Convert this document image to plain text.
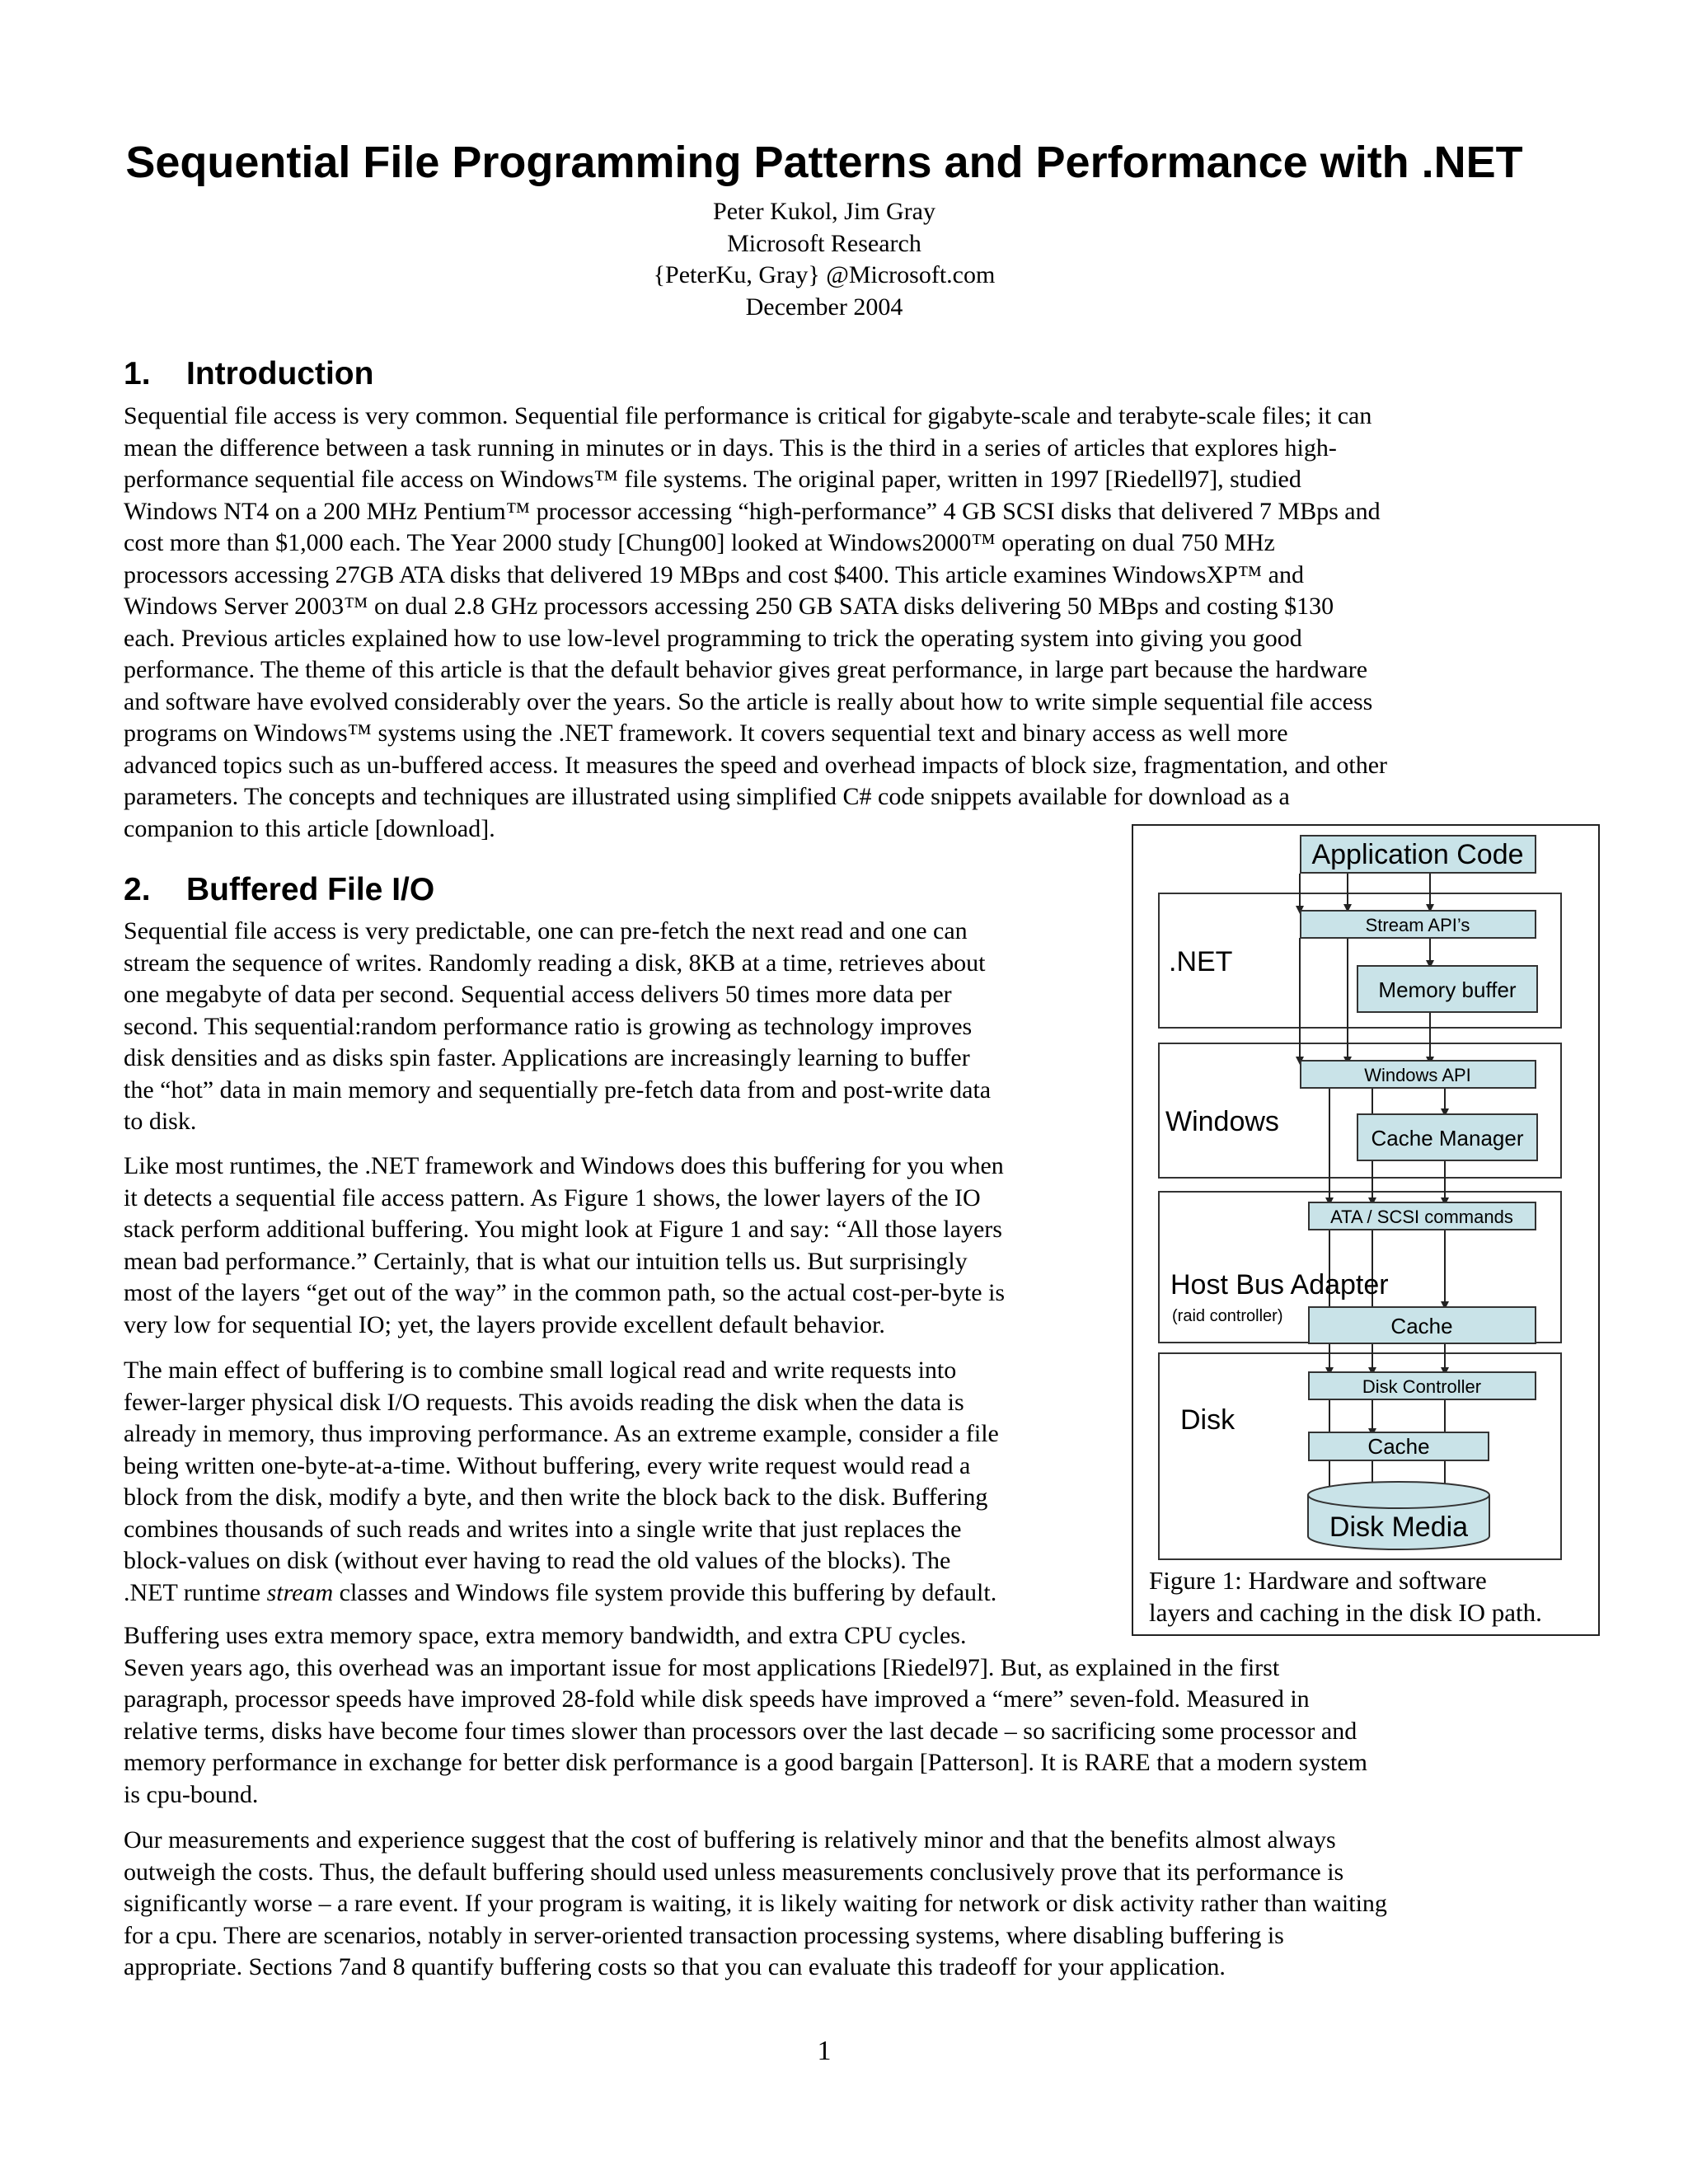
Sequential File Programming Patterns and Performance with .NET
Peter Kukol, Jim Gray
Microsoft Research
{PeterKu, Gray} @Microsoft.com
December 2004
1. Introduction
Sequential file access is very common. Sequential file performance is critical for gigabyte-scale and terabyte-scale files; it can
mean the difference between a task running in minutes or in days. This is the third in a series of articles that explores high-
performance sequential file access on Windows™ file systems. The original paper, written in 1997 [Riedell97], studied
Windows NT4 on a 200 MHz Pentium™ processor accessing “high-performance” 4 GB SCSI disks that delivered 7 MBps and
cost more than $1,000 each. The Year 2000 study [Chung00] looked at Windows2000™ operating on dual 750 MHz
processors accessing 27GB ATA disks that delivered 19 MBps and cost $400. This article examines WindowsXP™ and
Windows Server 2003™ on dual 2.8 GHz processors accessing 250 GB SATA disks delivering 50 MBps and costing $130
each. Previous articles explained how to use low-level programming to trick the operating system into giving you good
performance. The theme of this article is that the default behavior gives great performance, in large part because the hardware
and software have evolved considerably over the years. So the article is really about how to write simple sequential file access
programs on Windows™ systems using the .NET framework. It covers sequential text and binary access as well more
advanced topics such as un-buffered access. It measures the speed and overhead impacts of block size, fragmentation, and other
parameters. The concepts and techniques are illustrated using simplified C# code snippets available for download as a
companion to this article [download].
2. Buffered File I/O
Sequential file access is very predictable, one can pre-fetch the next read and one can
stream the sequence of writes. Randomly reading a disk, 8KB at a time, retrieves about
one megabyte of data per second. Sequential access delivers 50 times more data per
second. This sequential:random performance ratio is growing as technology improves
disk densities and as disks spin faster. Applications are increasingly learning to buffer
the “hot” data in main memory and sequentially pre-fetch data from and post-write data
to disk.
Like most runtimes, the .NET framework and Windows does this buffering for you when
it detects a sequential file access pattern. As Figure 1 shows, the lower layers of the IO
stack perform additional buffering. You might look at Figure 1 and say: “All those layers
mean bad performance.” Certainly, that is what our intuition tells us. But surprisingly
most of the layers “get out of the way” in the common path, so the actual cost-per-byte is
very low for sequential IO; yet, the layers provide excellent default behavior.
The main effect of buffering is to combine small logical read and write requests into
fewer-larger physical disk I/O requests. This avoids reading the disk when the data is
already in memory, thus improving performance. As an extreme example, consider a file
being written one-byte-at-a-time. Without buffering, every write request would read a
block from the disk, modify a byte, and then write the block back to the disk. Buffering
combines thousands of such reads and writes into a single write that just replaces the
block-values on disk (without ever having to read the old values of the blocks). The
.NET runtime stream classes and Windows file system provide this buffering by default.
Buffering uses extra memory space, extra memory bandwidth, and extra CPU cycles.
Seven years ago, this overhead was an important issue for most applications [Riedel97]. But, as explained in the first
paragraph, processor speeds have improved 28-fold while disk speeds have improved a “mere” seven-fold. Measured in
relative terms, disks have become four times slower than processors over the last decade – so sacrificing some processor and
memory performance in exchange for better disk performance is a good bargain [Patterson]. It is RARE that a modern system
is cpu-bound.
Our measurements and experience suggest that the cost of buffering is relatively minor and that the benefits almost always
outweigh the costs. Thus, the default buffering should used unless measurements conclusively prove that its performance is
significantly worse – a rare event. If your program is waiting, it is likely waiting for network or disk activity rather than waiting
for a cpu. There are scenarios, notably in server-oriented transaction processing systems, where disabling buffering is
appropriate. Sections 7and 8 quantify buffering costs so that you can evaluate this tradeoff for your application.
Application Code
.NET
Stream API’s
Memory buffer
Windows
Windows API
Cache Manager
ATA / SCSI commands
Cache
Host Bus Adapter
(raid controller)
Disk
Disk Controller
Cache
Disk Media
Figure 1: Hardware and software
layers and caching in the disk IO path.
1
